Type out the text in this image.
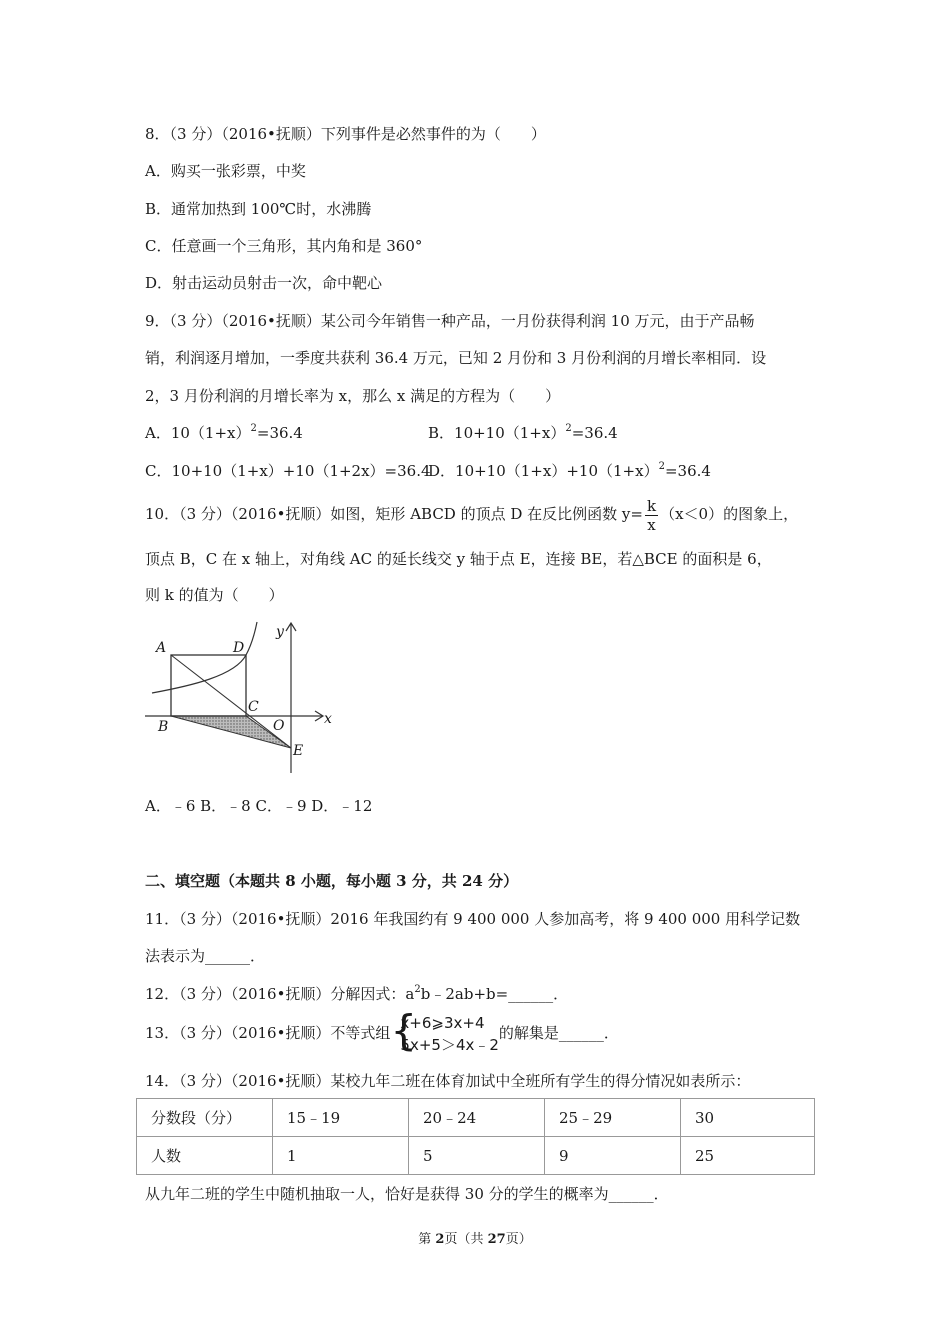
8．（3 分）（2016•抚顺）下列事件是必然事件的为（　　）
A．购买一张彩票，中奖
B．通常加热到 100℃时，水沸腾
C．任意画一个三角形，其内角和是 360°
D．射击运动员射击一次，命中靶心
9．（3 分）（2016•抚顺）某公司今年销售一种产品，一月份获得利润 10 万元，由于产品畅
销，利润逐月增加，一季度共获利 36.4 万元，已知 2 月份和 3 月份利润的月增长率相同．设
2，3 月份利润的月增长率为 x，那么 x 满足的方程为（　　）
A．$10(1+x)^2=36.4$	B．$10+10(1+x)^2=36.4$
C．10+10（1+x）+10（1+2x）=36.4
D．$10+10(1+x)+10(1+x)^2=36.4$
10．（3 分）（2016•抚顺）如图，矩形 ABCD 的顶点 D 在反比例函数 $y= \frac{k}{x} (x<0)$的图象上，
顶点 B，C 在 x 轴上，对角线 AC 的延长线交 y 轴于点 E，连接 BE，若△BCE 的面积是 6，
则 k 的值为（　　）
A	D
B
C
O
E
x
y
A．﹣6 B．﹣8 C．﹣9 D．﹣12
二、填空题（本题共 8 小题，每小题 3 分，共 24 分）
11．（3 分）（2016•抚顺）2016 年我国约有 9 400 000 人参加高考，将 9 400 000 用科学记数
法表示为______．
12．（3 分）（2016•抚顺）分解因式：$a^2b﹣2ab+b=\_\_\_\_\_\_$．
13．（3 分）（2016•抚顺）不等式组 {
x+6⩾3x+4
5x+5＞4x﹣2
的解集是______．
14．（3 分）（2016•抚顺）某校九年二班在体育加试中全班所有学生的得分情况如表所示：
分数段（分）	15﹣19	20﹣24	25﹣29	30
人数	1	5	9	25
从九年二班的学生中随机抽取一人，恰好是获得 30 分的学生的概率为______．
第 2页（共 27页）
